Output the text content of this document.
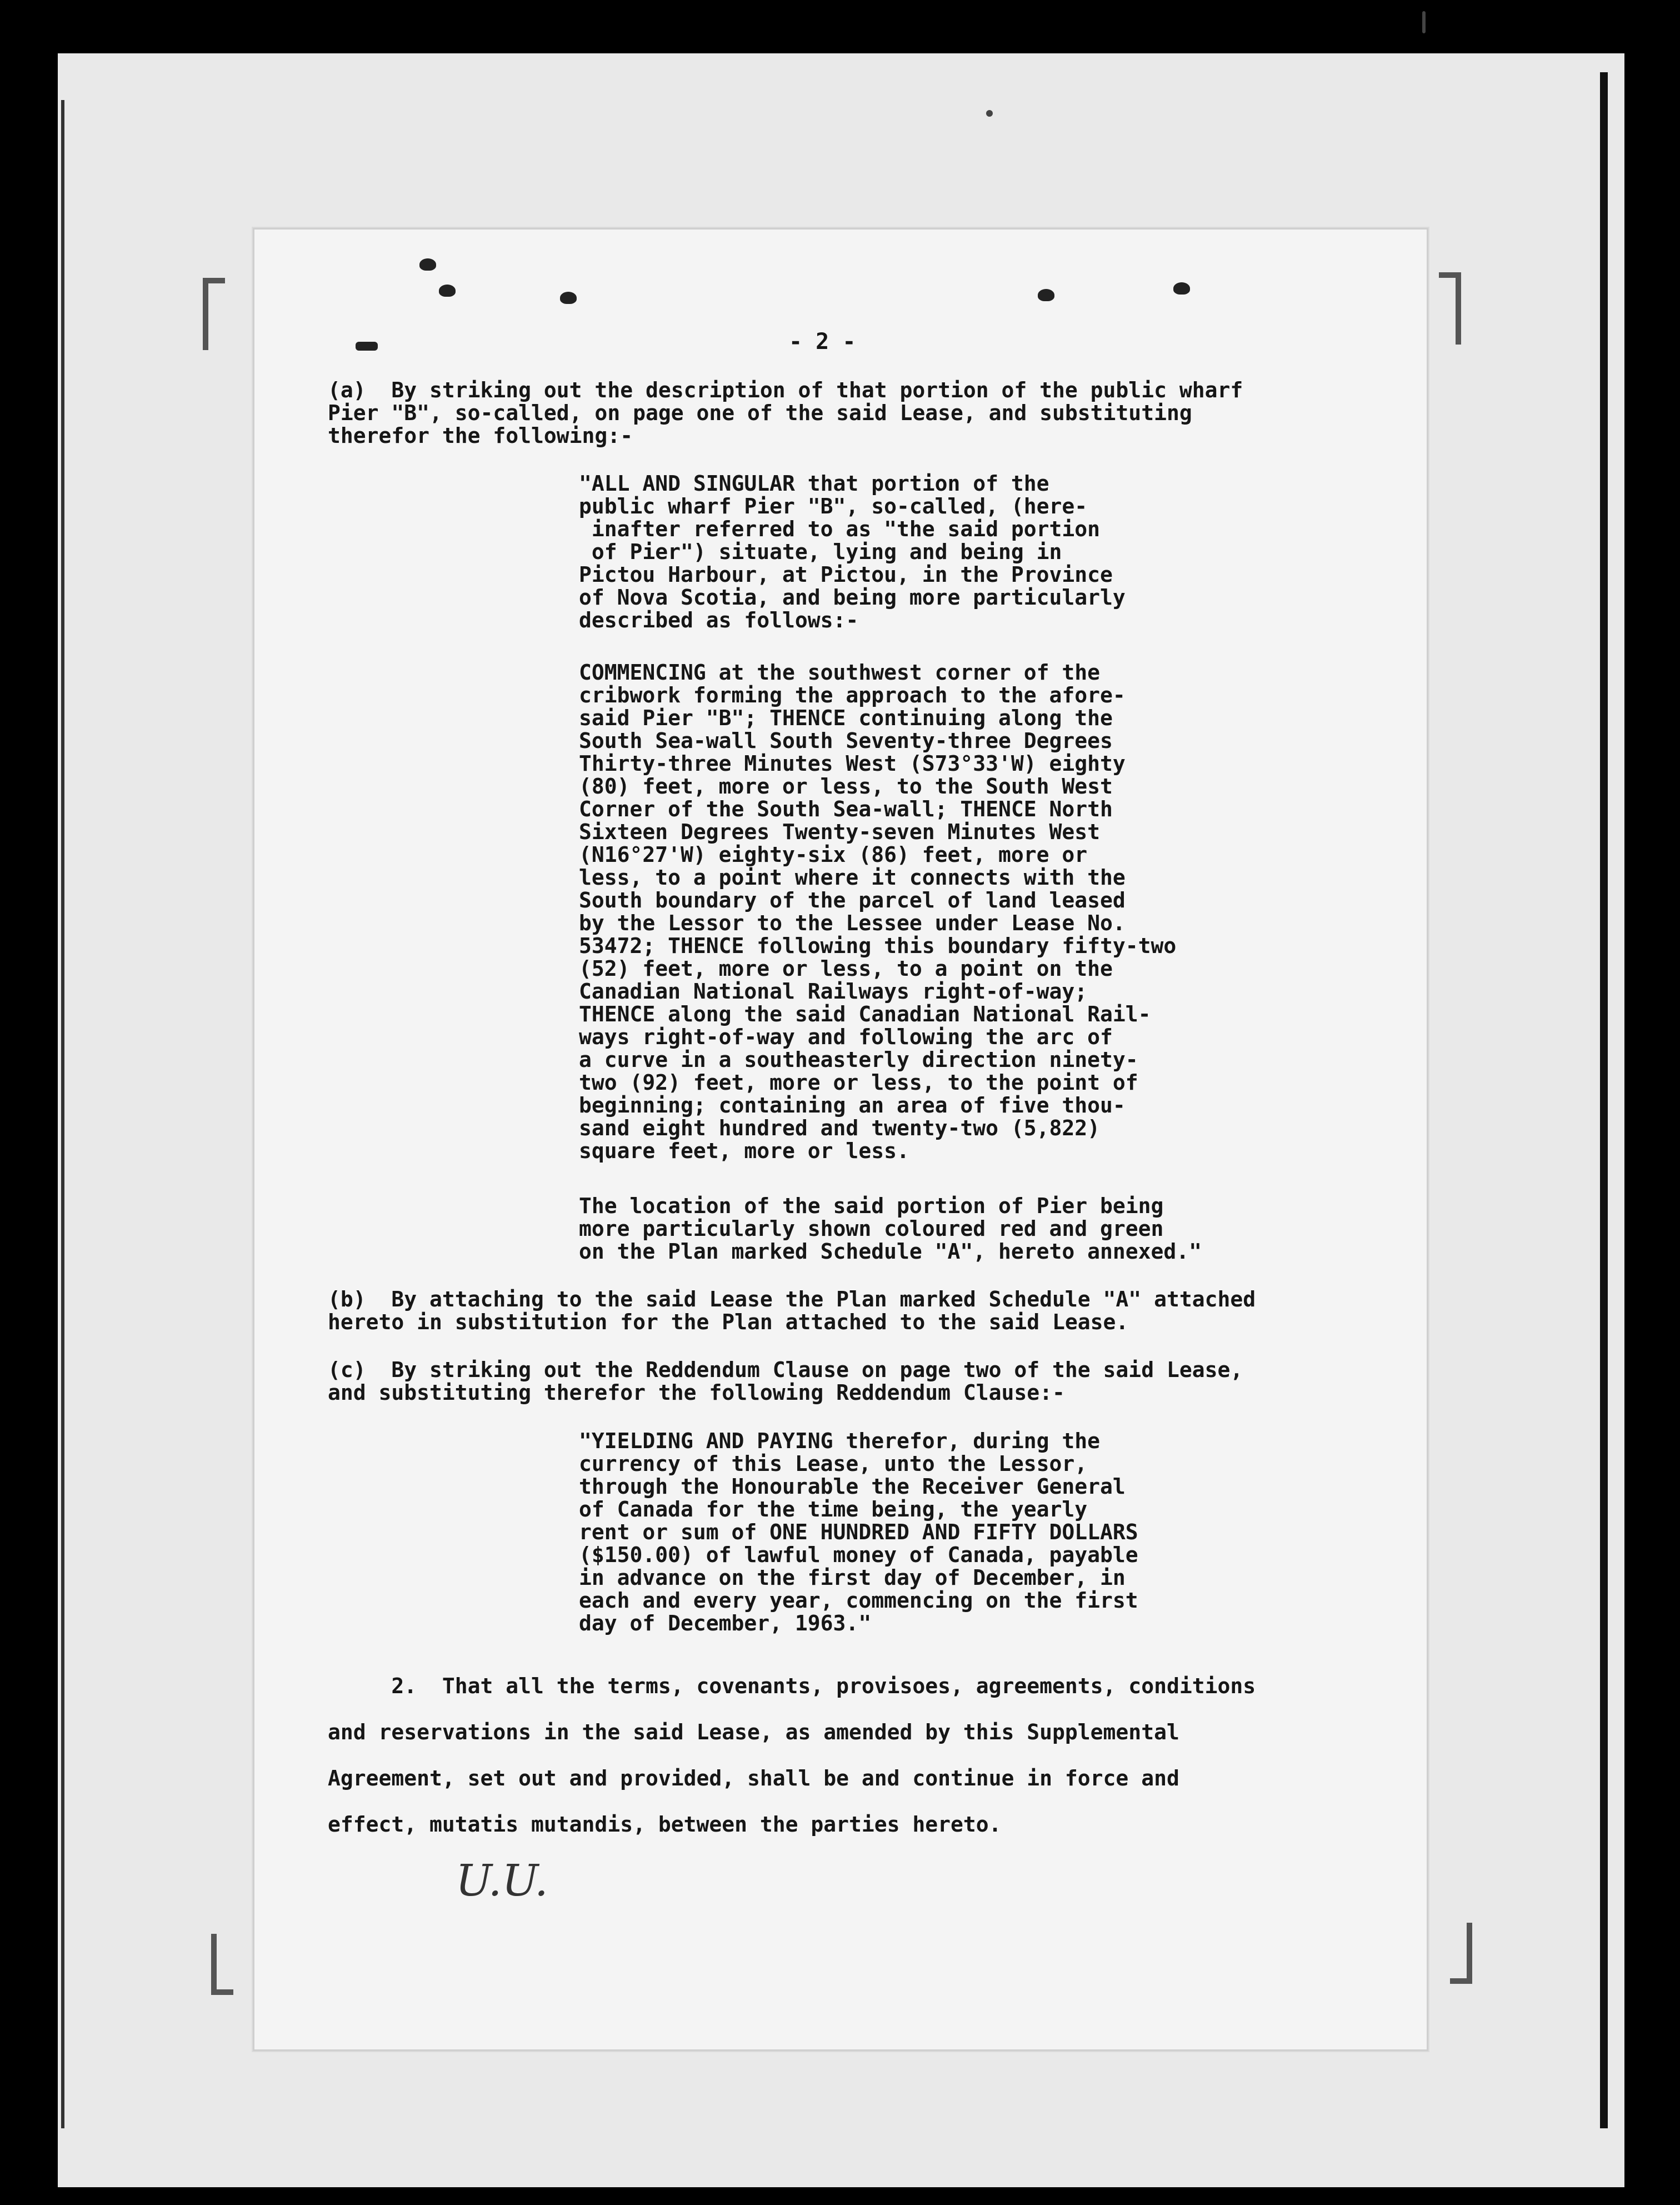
- 2 -
(a)  By striking out the description of that portion of the public wharf
Pier "B", so-called, on page one of the said Lease, and substituting
therefor the following:-
"ALL AND SINGULAR that portion of the
public wharf Pier "B", so-called, (here-
inafter referred to as "the said portion
of Pier") situate, lying and being in
Pictou Harbour, at Pictou, in the Province
of Nova Scotia, and being more particularly
described as follows:-
COMMENCING at the southwest corner of the
cribwork forming the approach to the afore-
said Pier "B"; THENCE continuing along the
South Sea-wall South Seventy-three Degrees
Thirty-three Minutes West (S73°33'W) eighty
(80) feet, more or less, to the South West
Corner of the South Sea-wall; THENCE North
Sixteen Degrees Twenty-seven Minutes West
(N16°27'W) eighty-six (86) feet, more or
less, to a point where it connects with the
South boundary of the parcel of land leased
by the Lessor to the Lessee under Lease No.
53472; THENCE following this boundary fifty-two
(52) feet, more or less, to a point on the
Canadian National Railways right-of-way;
THENCE along the said Canadian National Rail-
ways right-of-way and following the arc of
a curve in a southeasterly direction ninety-
two (92) feet, more or less, to the point of
beginning; containing an area of five thou-
sand eight hundred and twenty-two (5,822)
square feet, more or less.
The location of the said portion of Pier being
more particularly shown coloured red and green
on the Plan marked Schedule "A", hereto annexed."
(b)  By attaching to the said Lease the Plan marked Schedule "A" attached
hereto in substitution for the Plan attached to the said Lease.
(c)  By striking out the Reddendum Clause on page two of the said Lease,
and substituting therefor the following Reddendum Clause:-
"YIELDING AND PAYING therefor, during the
currency of this Lease, unto the Lessor,
through the Honourable the Receiver General
of Canada for the time being, the yearly
rent or sum of ONE HUNDRED AND FIFTY DOLLARS
($150.00) of lawful money of Canada, payable
in advance on the first day of December, in
each and every year, commencing on the first
day of December, 1963."
2.  That all the terms, covenants, provisoes, agreements, conditions
and reservations in the said Lease, as amended by this Supplemental
Agreement, set out and provided, shall be and continue in force and
effect, mutatis mutandis, between the parties hereto.
U.U.
